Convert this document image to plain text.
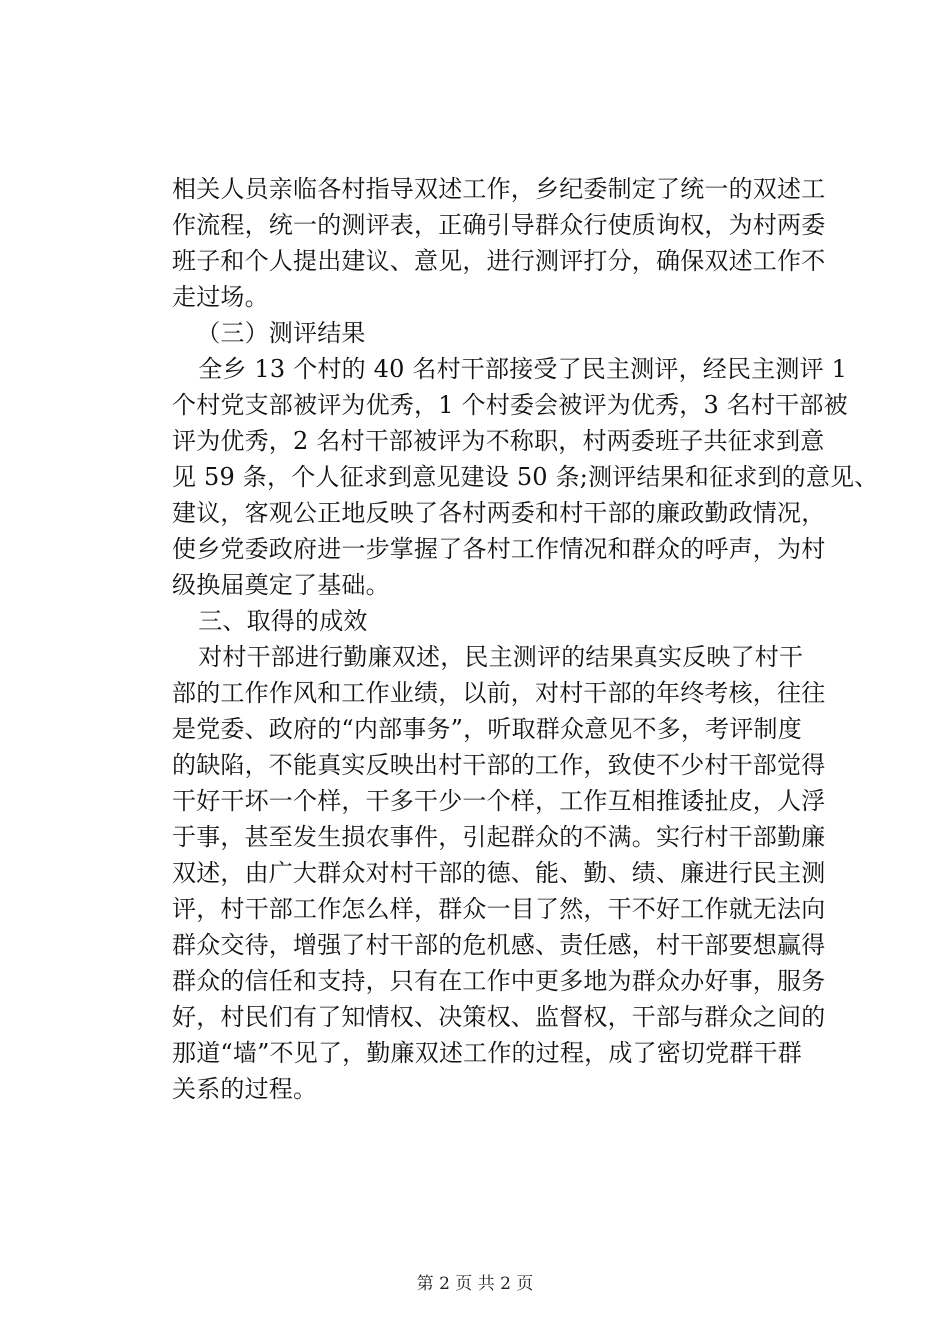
相关人员亲临各村指导双述工作，乡纪委制定了统一的双述工
作流程，统一的测评表，正确引导群众行使质询权，为村两委
班子和个人提出建议、意见，进行测评打分，确保双述工作不
走过场。
　（三）测评结果
　全乡 13 个村的 40 名村干部接受了民主测评，经民主测评 1
个村党支部被评为优秀，1 个村委会被评为优秀，3 名村干部被
评为优秀，2 名村干部被评为不称职，村两委班子共征求到意
见 59 条，个人征求到意见建设 50 条;测评结果和征求到的意见、
建议，客观公正地反映了各村两委和村干部的廉政勤政情况，
使乡党委政府进一步掌握了各村工作情况和群众的呼声，为村
级换届奠定了基础。
　三、取得的成效
　对村干部进行勤廉双述，民主测评的结果真实反映了村干
部的工作作风和工作业绩，以前，对村干部的年终考核，往往
是党委、政府的“内部事务”，听取群众意见不多，考评制度
的缺陷，不能真实反映出村干部的工作，致使不少村干部觉得
干好干坏一个样，干多干少一个样，工作互相推诿扯皮，人浮
于事，甚至发生损农事件，引起群众的不满。实行村干部勤廉
双述，由广大群众对村干部的德、能、勤、绩、廉进行民主测
评，村干部工作怎么样，群众一目了然，干不好工作就无法向
群众交待，增强了村干部的危机感、责任感，村干部要想赢得
群众的信任和支持，只有在工作中更多地为群众办好事，服务
好，村民们有了知情权、决策权、监督权，干部与群众之间的
那道“墙”不见了，勤廉双述工作的过程，成了密切党群干群
关系的过程。
第 2 页 共 2 页
